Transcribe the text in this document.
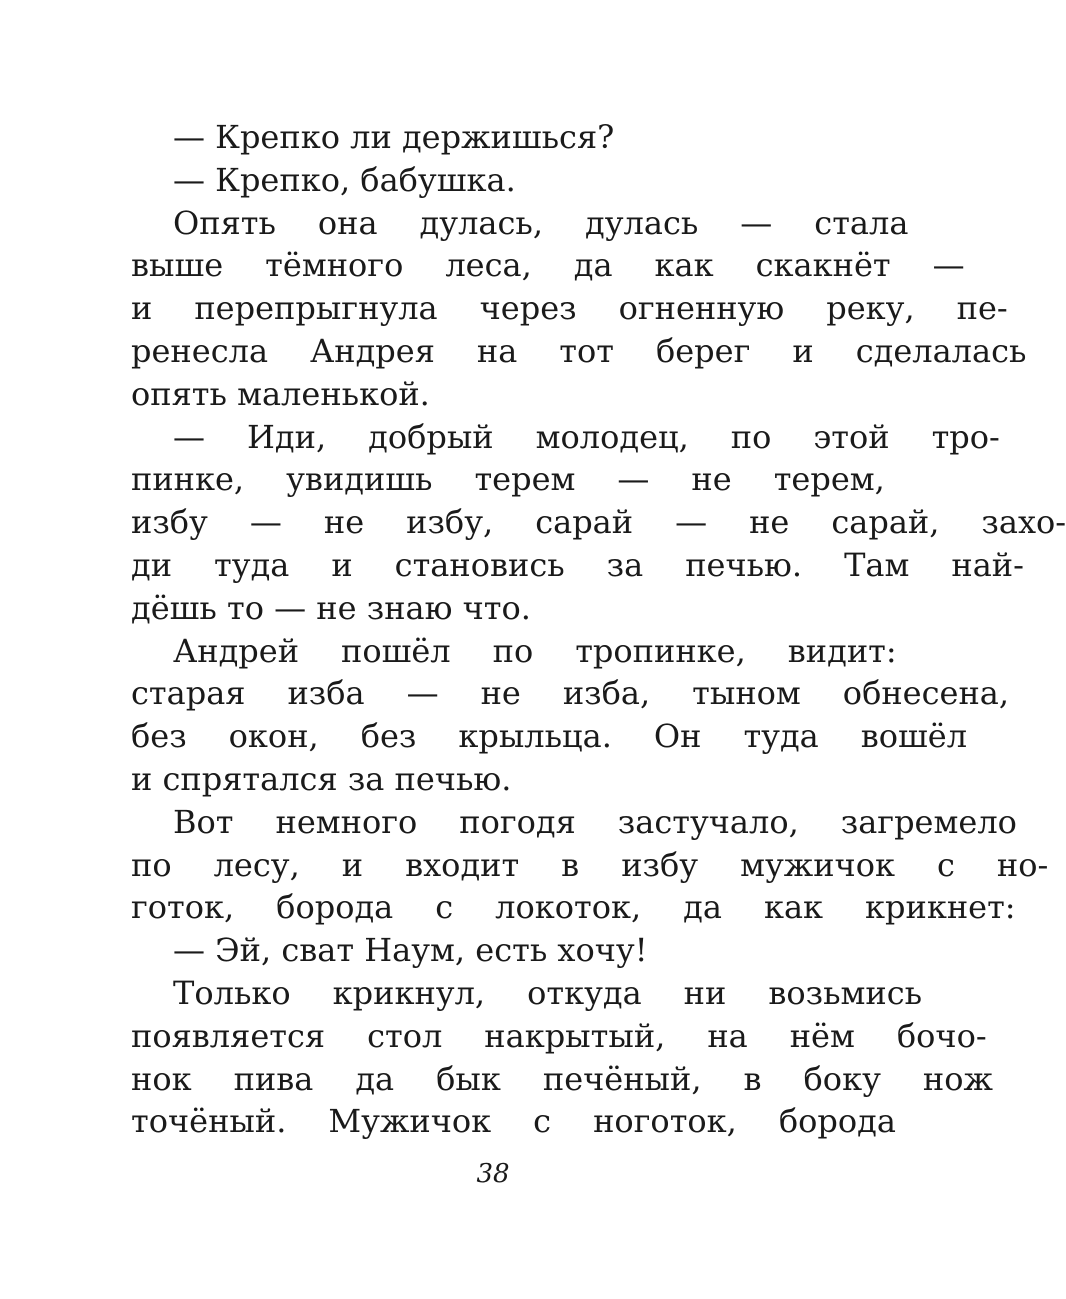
— Крепко ли держишься?

— Крепко, бабушка.

Опять	она	дулась,	дулась	—	стала
выше	тёмного	леса,	да	как	скакнёт	—
и	перепрыгнула	через	огненную	реку,	пе-
ренесла	Андрея	на	тот	берег	и	сделалась
опять маленькой.

—	Иди,	добрый	молодец,	по	этой	тро-
пинке,	увидишь	терем	—	не	терем,
избу	—	не	избу,	сарай	—	не	сарай,	захо-
ди	туда	и	становись	за	печью.	Там	най-
дёшь то — не знаю что.

Андрей	пошёл	по	тропинке,	видит:
старая	изба	—	не	изба,	тыном	обнесена,
без	окон,	без	крыльца.	Он	туда	вошёл
и спрятался за печью.

Вот	немного	погодя	застучало,	загремело
по	лесу,	и	входит	в	избу	мужичок	с	но-
готок,	борода	с	локоток,	да	как	крикнет:

— Эй, сват Наум, есть хочу!

Только	крикнул,	откуда	ни	возьмись
появляется	стол	накрытый,	на	нём	бочо-
нок	пива	да	бык	печёный,	в	боку	нож
точёный.	Мужичок	с	ноготок,	борода

38
